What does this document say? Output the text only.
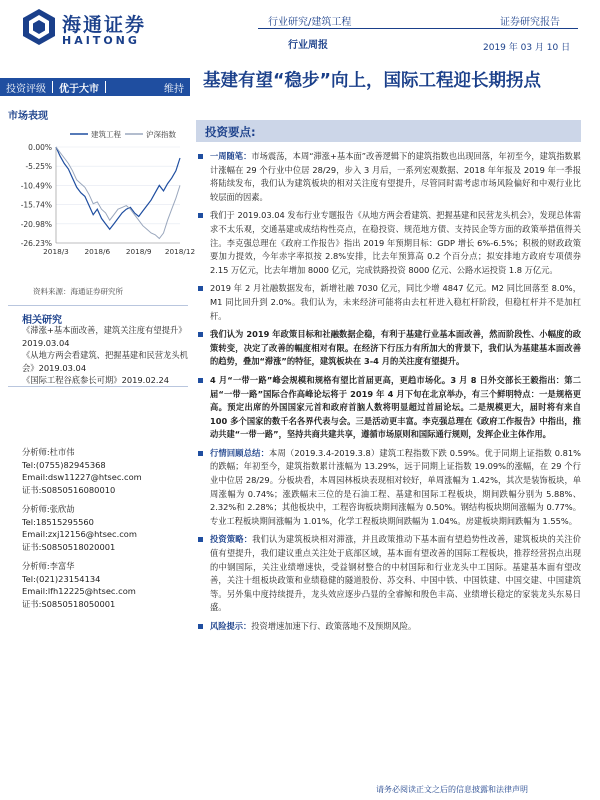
海通证券
HAITONG
行业研究/建筑工程
行业周报
证券研究报告
2019 年 03 月 10 日
投资评级	优于大市	维持	基建有望“稳步”向上，国际工程迎长期拐点
市场表现
0.00%
-5.25%
-10.49%
-15.74%
-20.98%
-26.23%
2018/3 2018/6 2018/9 2018/12
建筑工程	沪深指数
资料来源：海通证券研究所
相关研究
《滞涨+基本面改善，建筑关注度有望提升》2019.03.04
《从地方两会看建筑、把握基建和民营龙头机会》2019.03.04
《国际工程谷底参长可期》2019.02.24
分析师:杜市伟
Tel:(0755)82945368
Email:dsw11227@htsec.com
证书:S0850516080010
分析师:张欣劼
Tel:18515295560
Email:zxj12156@htsec.com
证书:S0850518020001
分析师:李富华
Tel:(021)23154134
Email:lfh12225@htsec.com
证书:S0850518050001
投资要点:
一周随笔：市场震荡，本周“滞涨+基本面”改善逻辑下的建筑指数也出现回落，年初至今，建筑指数累计涨幅在 29 个行业中位居 28/29，步入 3 月后，一系列宏观数据、2018 年年报及 2019 年一季报将陆续发布，我们认为建筑板块的相对关注度有望提升，尽管同时需考虑市场风险偏好和中观行业比较层面的因素。
我们于 2019.03.04 发布行业专题报告《从地方两会看建筑、把握基建和民营龙头机会》，发现总体需求不太乐观，交通基建或成结构性亮点，在稳投资、规范地方债、支持民企等方面的政策举措值得关注。李克强总理在《政府工作报告》指出 2019 年预期目标：GDP 增长 6%-6.5%；积极的财政政策要加力提效，今年赤字率拟按 2.8%安排，比去年预算高 0.2 个百分点；拟安排地方政府专项债券 2.15 万亿元，比去年增加 8000 亿元，完成铁路投资 8000 亿元、公路水运投资 1.8 万亿元。
2019 年 2 月社融数据发布，新增社融 7030 亿元，同比少增 4847 亿元。M2 同比回落至 8.0%，M1 同比回升到 2.0%。我们认为，未来经济可能将由去杠杆进入稳杠杆阶段，但稳杠杆并不是加杠杆。
我们认为 2019 年政策目标和社融数据企稳，有利于基建行业基本面改善，然而阶段性、小幅度的政策转变，决定了改善的幅度相对有限。在经济下行压力有所加大的背景下，我们认为基建基本面改善的趋势，叠加“滞涨”的特征，建筑板块在 3-4 月的关注度有望提升。
4 月“一带一路”峰会规模和规格有望比首届更高，更趋市场化。3 月 8 日外交部长王毅指出：第二届“一带一路”国际合作高峰论坛将于 2019 年 4 月下旬在北京举办，有三个鲜明特点：一是规格更高。预定出席的外国国家元首和政府首脑人数将明显超过首届论坛。二是规模更大，届时将有来自 100 多个国家的数千名各界代表与会。三是活动更丰富。李克强总理在《政府工作报告》中指出，推动共建“一带一路”，坚持共商共建共享，遵循市场原则和国际通行规则，发挥企业主体作用。
行情回顾总结：本周（2019.3.4-2019.3.8）建筑工程指数下跌 0.59%。优于同期上证指数 0.81%的跌幅；年初至今，建筑指数累计涨幅为 13.29%，远于同期上证指数 19.09%的涨幅，在 29 个行业中位居 28/29。分板块看，本周园林板块表现相对较好，单周涨幅为 1.42%，其次是装饰板块，单周涨幅为 0.74%；涨跌幅末三位的是石油工程、基建和国际工程板块，期间跌幅分别为 5.88%、2.32%和 2.28%；其他板块中，工程咨询板块期间涨幅为 0.50%。钢结构板块期间涨幅为 0.77%。专业工程板块期间涨幅为 1.01%，化学工程板块期间跌幅为 1.04%。房建板块期间跌幅为 1.55%。
投资策略：我们认为建筑板块相对滞涨，并且政策推动下基本面有望趋势性改善，建筑板块的关注价值有望提升，我们建议重点关注处于底部区域，基本面有望改善的国际工程板块，推荐经营拐点出现的中钢国际，关注业绩增速快，受益钢材整合的中材国际和行业龙头中工国际。基建基本面有望改善，关注十组板块政策和业绩稳健的隧道股份、苏交科、中国中铁、中国铁建、中国交建、中国建筑等。另外集中度持续提升，龙头效应逐步凸显的全睿鲸和殷色丰高、业绩增长稳定的家装龙头东易日盛。
风险提示：投资增速加速下行、政策落地不及预期风险。
请务必阅读正文之后的信息披露和法律声明
